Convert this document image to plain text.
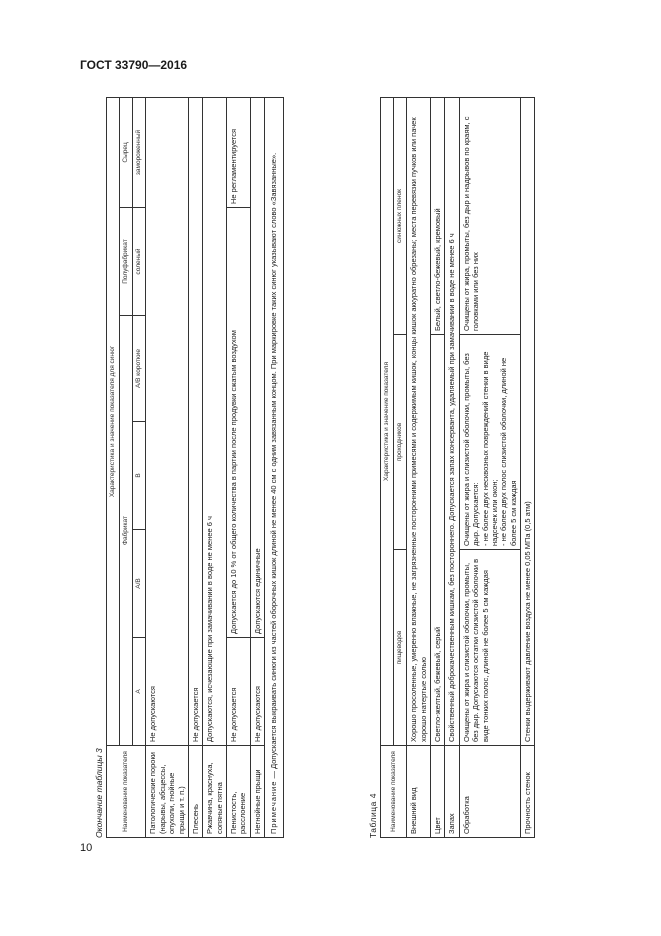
ГОСТ 33790—2016
Окончание таблицы 3	Наименование показателя	Характеристика и значение показателя для синюг					
	Фабрикат				Полуфабрикат	Сырец
	А	А/В	В	А/В короткие	соленый	замороженный
Патологические пороки (нарывы, абсцессы, опухоли, гнойные прыщи и т. п.)	Не допускаются					
Плесень	Не допускается					
Ржавчина, краснуха, сопяные пятна	Допускаются, исчезающие при замачивании в воде не менее 6 ч					
Пенистость, расслоение	Не допускается	Допускается до 10 % от общего количества в партии после продувки сжатым воздухом				Не регламентируется
Негнойные прыщи	Не допускаются	Допускаются единичные				
Примечание — Допускается выкраивать синюги из частей оборочных кишок длиной не менее 40 см с одним завязанным концом. При маркировке таких синюг указывают слово «Завязанные».						
Таблица 4	Наименование показателя	Характеристика и значение показателя		
	пищеводов	проходников	синюжных пленок
Внешний вид	Хорошо просоленные, умеренно влажные, не загрязненные посторонними примесями и содержимым кишок, концы кишок аккуратно обрезаны; места перевязки пучков или пачек хорошо натертые солью		
Цвет	Светло-желтый, бежевый, серый		Белый, светло-бежевый, кремовый
Запах	Свойственный доброкачественным кишкам, без постороннего. Допускается запах консерванта, удаляемый при замачивании в воде не менее 6 ч		
Обработка	Очищены от жира и слизистой оболочки, промыты, без дыр. Допускаются остатки слизистой оболочки в виде тонких полос, длиной не более 5 см каждая	Очищены от жира и слизистой оболочки, промыты, без дыр. Допускается: - не более двух несквозных повреждений стенки в виде надсечек или окон; - не более двух полос слизистой оболочки, длиной не более 5 см каждая	Очищены от жира, промыты, без дыр и надрывов по краям, с головками или без них
Прочность стенок	Стенки выдерживают давление воздуха не менее 0,05 МПа (0,5 атм)		
10
